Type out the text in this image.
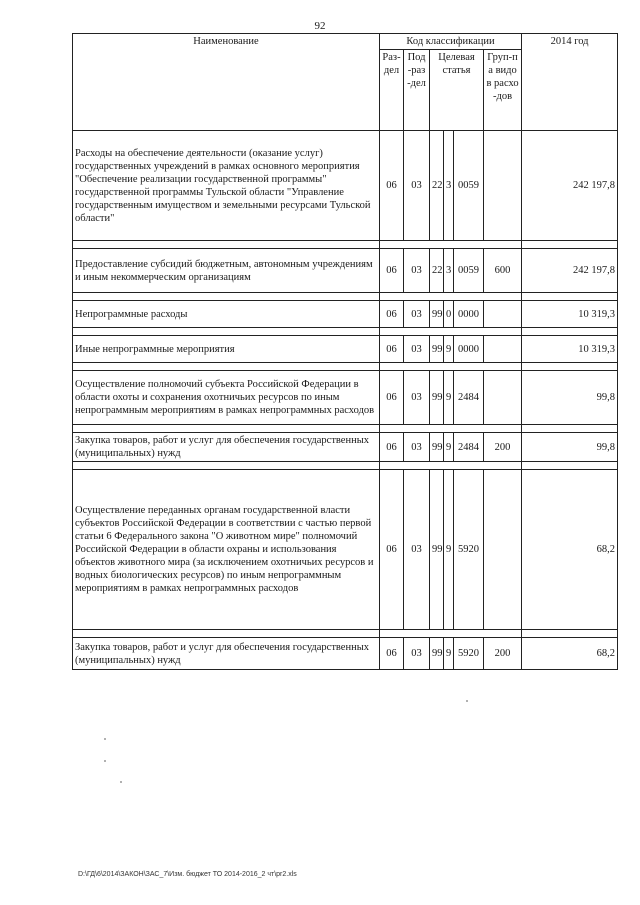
92
Наименование	Код классификации						2014 год
	Раз-дел	Под-раз-дел	Целевая статья			Груп-па видов расхо-дов	
Расходы на обеспечение деятельности (оказание услуг) государственных учреждений в рамках основного мероприятия "Обеспечение реализации государственной программы" государственной программы Тульской области "Управление государственным имуществом и земельными ресурсами Тульской области"	06	03	22	3	0059		242 197,8

Предоставление субсидий бюджетным, автономным учреждениям и иным некоммерческим организациям	06	03	22	3	0059	600	242 197,8

Непрограммные расходы	06	03	99	0	0000		10 319,3

Иные непрограммные мероприятия	06	03	99	9	0000		10 319,3

Осуществление полномочий субъекта Российской Федерации в области охоты и сохранения охотничьих ресурсов по иным непрограммным мероприятиям в рамках непрограммных расходов	06	03	99	9	2484		99,8

Закупка товаров, работ и услуг для обеспечения государственных (муниципальных) нужд	06	03	99	9	2484	200	99,8

Осуществление переданных органам государственной власти субъектов Российской Федерации в соответствии с частью первой статьи 6 Федерального закона "О животном мире" полномочий Российской Федерации в области охраны и использования объектов животного мира (за исключением охотничьих ресурсов и водных биологических ресурсов) по иным непрограммным мероприятиям в рамках непрограммных расходов	06	03	99	9	5920		68,2

Закупка товаров, работ и услуг для обеспечения государственных (муниципальных) нужд	06	03	99	9	5920	200	68,2
D:\ГД\6\2014\ЗАКОН\ЗАС_7\Изм. бюджет ТО 2014-2016_2 чт\pr2.xls
